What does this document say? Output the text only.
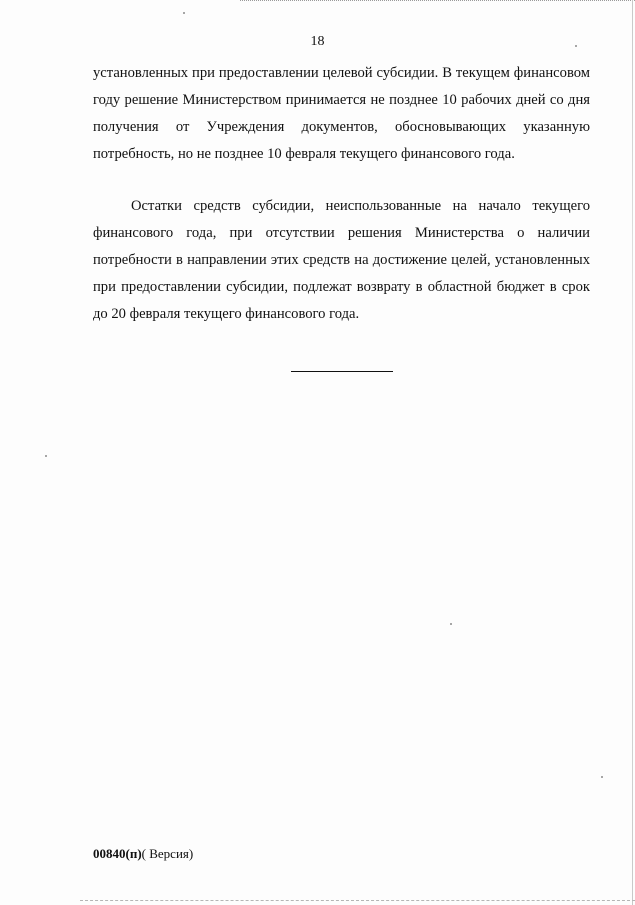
18

установленных при предоставлении целевой субсидии. В текущем финансовом году решение Министерством принимается не позднее 10 рабочих дней со дня получения от Учреждения документов, обосновывающих указанную потребность, но не позднее 10 февраля текущего финансового года.

Остатки средств субсидии, неиспользованные на начало текущего финансового года, при отсутствии решения Министерства о наличии потребности в направлении этих средств на достижение целей, установленных при предоставлении субсидии, подлежат возврату в областной бюджет в срок до 20 февраля текущего финансового года.

00840(п)( Версия)
